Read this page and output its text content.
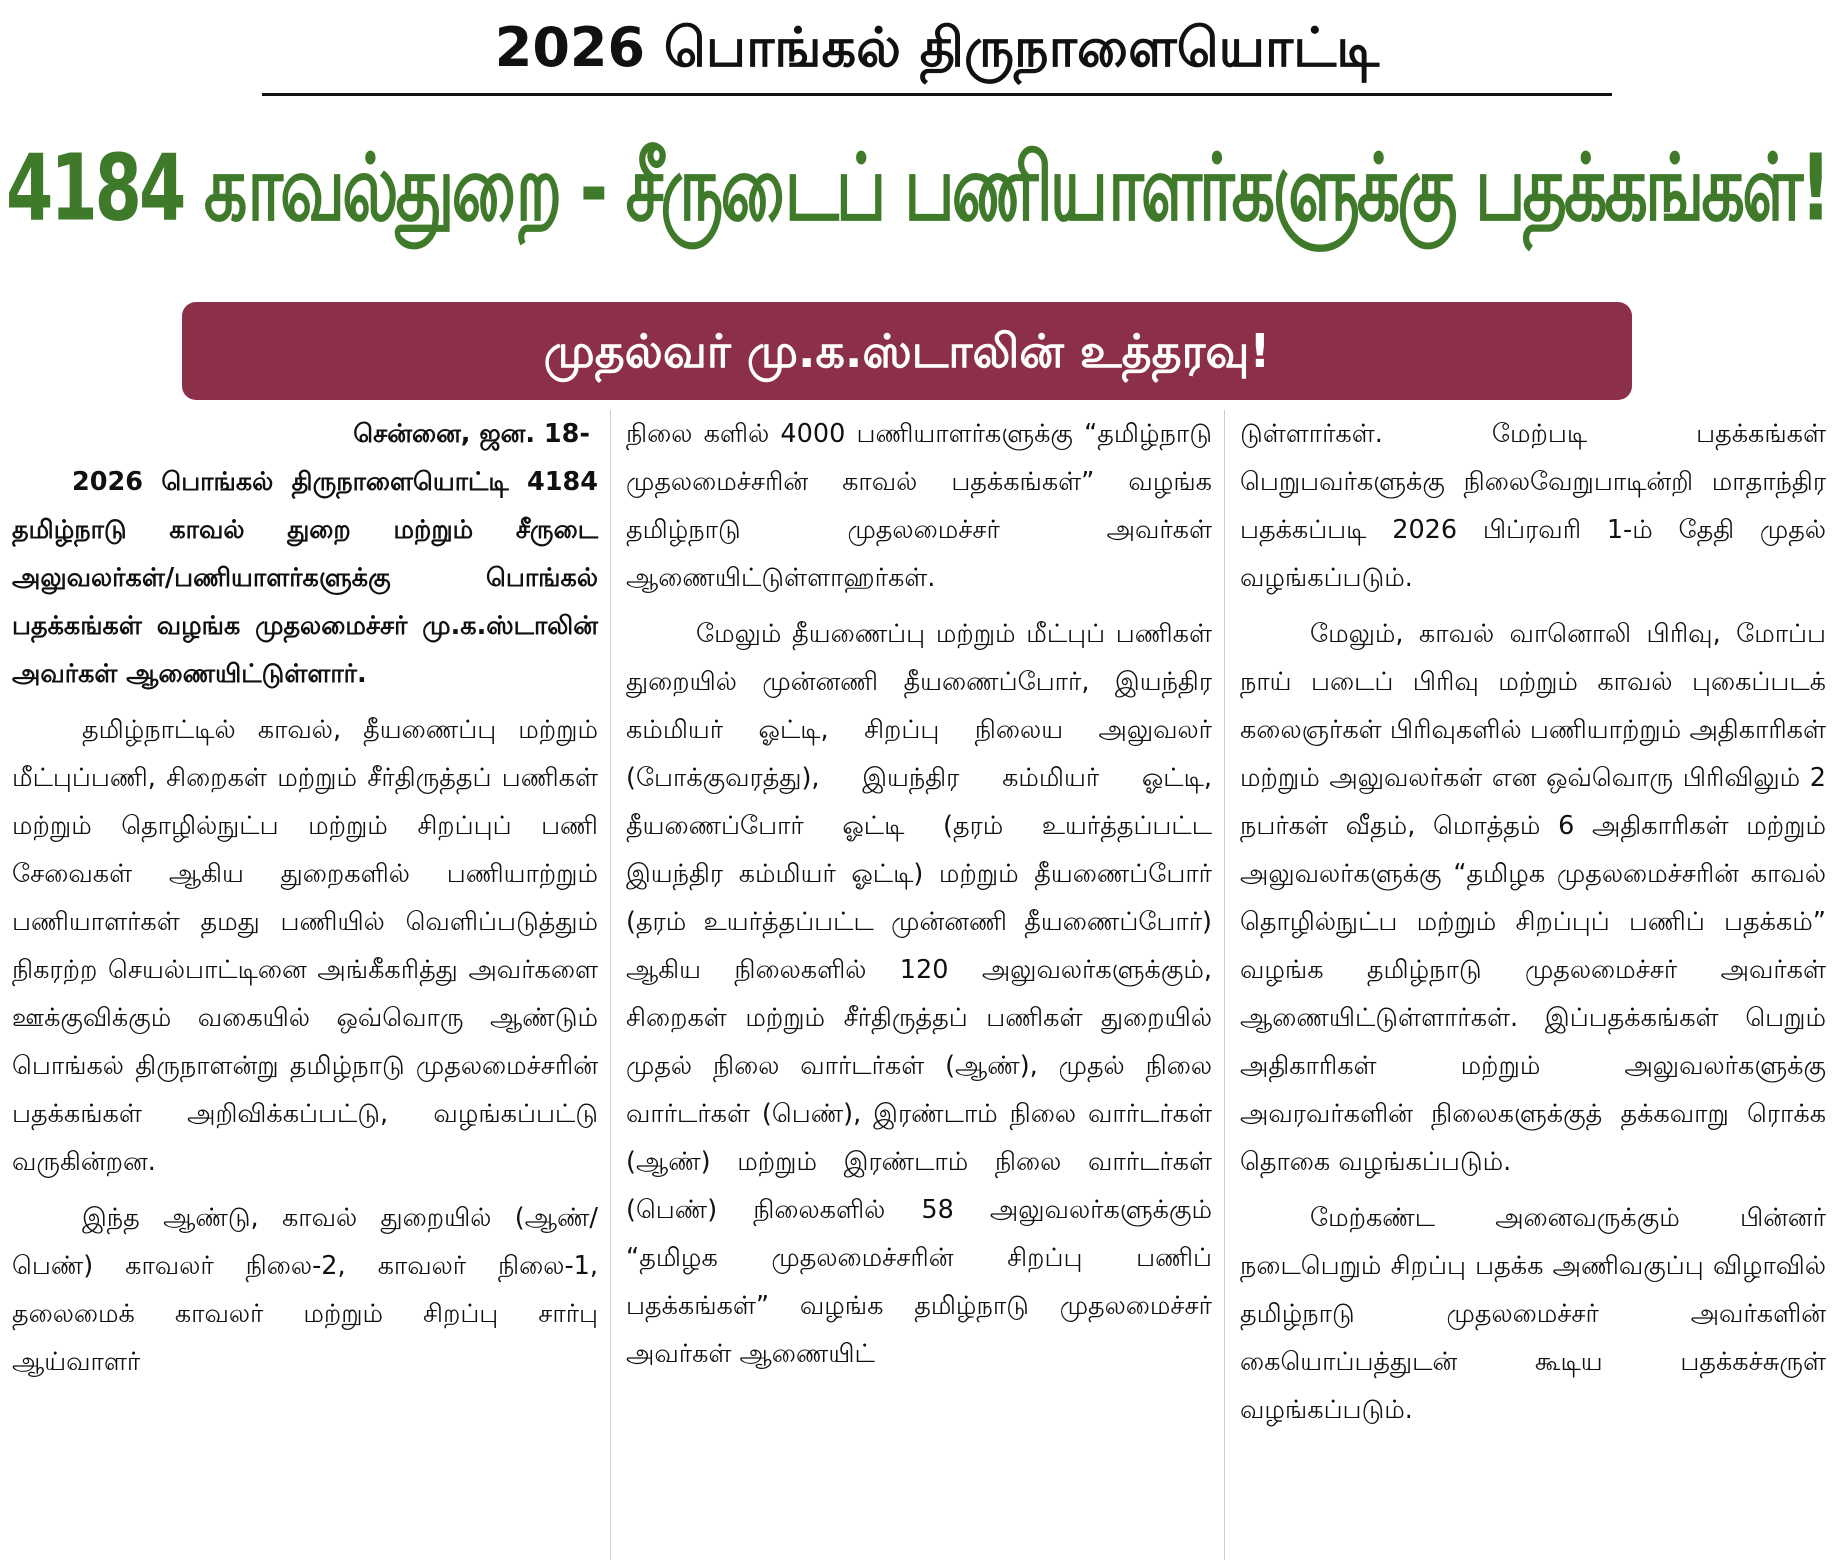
2026 பொங்கல் திருநாளையொட்டி
4184 காவல்துறை - சீருடைப் பணியாளர்களுக்கு பதக்கங்கள்!
முதல்வர் மு.க.ஸ்டாலின் உத்தரவு!

சென்னை, ஜன. 18-
2026 பொங்கல் திருநாளையொட்டி 4184 தமிழ்நாடு காவல் துறை மற்றும் சீருடை அலுவலர்கள்/பணியாளர்களுக்கு பொங்கல் பதக்கங்கள் வழங்க முதலமைச்சர் மு.க.ஸ்டாலின் அவர்கள் ஆணையிட்டுள்ளார்.

தமிழ்நாட்டில் காவல், தீயணைப்பு மற்றும் மீட்புப்பணி, சிறைகள் மற்றும் சீர்திருத்தப் பணிகள் மற்றும் தொழில்நுட்ப மற்றும் சிறப்புப் பணி சேவைகள் ஆகிய துறைகளில் பணியாற்றும் பணியாளர்கள் தமது பணியில் வெளிப்படுத்தும் நிகரற்ற செயல்பாட்டினை அங்கீகரித்து அவர்களை ஊக்குவிக்கும் வகையில் ஒவ்வொரு ஆண்டும் பொங்கல் திருநாளன்று தமிழ்நாடு முதலமைச்சரின் பதக்கங்கள் அறிவிக்கப்பட்டு, வழங்கப்பட்டு வருகின்றன.

இந்த ஆண்டு, காவல் துறையில் (ஆண்/பெண்) காவலர் நிலை-2, காவலர் நிலை-1, தலைமைக் காவலர் மற்றும் சிறப்பு சார்பு ஆய்வாளர்

நிலை களில் 4000 பணியாளர்களுக்கு “தமிழ்நாடு முதலமைச்சரின் காவல் பதக்கங்கள்” வழங்க தமிழ்நாடு முதலமைச்சர் அவர்கள் ஆணையிட்டுள்ளாஹர்கள்.

மேலும் தீயணைப்பு மற்றும் மீட்புப் பணிகள் துறையில் முன்னணி தீயணைப்போர், இயந்திர கம்மியர் ஓட்டி, சிறப்பு நிலைய அலுவலர் (போக்குவரத்து), இயந்திர கம்மியர் ஓட்டி, தீயணைப்போர் ஓட்டி (தரம் உயர்த்தப்பட்ட இயந்திர கம்மியர் ஓட்டி) மற்றும் தீயணைப்போர் (தரம் உயர்த்தப்பட்ட முன்னணி தீயணைப்போர்) ஆகிய நிலைகளில் 120 அலுவலர்களுக்கும், சிறைகள் மற்றும் சீர்திருத்தப் பணிகள் துறையில் முதல் நிலை வார்டர்கள் (ஆண்), முதல் நிலை வார்டர்கள் (பெண்), இரண்டாம் நிலை வார்டர்கள் (ஆண்) மற்றும் இரண்டாம் நிலை வார்டர்கள் (பெண்) நிலைகளில் 58 அலுவலர்களுக்கும் “தமிழக முதலமைச்சரின் சிறப்பு பணிப் பதக்கங்கள்” வழங்க தமிழ்நாடு முதலமைச்சர் அவர்கள் ஆணையிட்

டுள்ளார்கள். மேற்படி பதக்கங்கள் பெறுபவர்களுக்கு நிலைவேறுபாடின்றி மாதாந்திர பதக்கப்படி 2026 பிப்ரவரி 1-ம் தேதி முதல் வழங்கப்படும்.

மேலும், காவல் வானொலி பிரிவு, மோப்ப நாய் படைப் பிரிவு மற்றும் காவல் புகைப்படக் கலைஞர்கள் பிரிவுகளில் பணியாற்றும் அதிகாரிகள் மற்றும் அலுவலர்கள் என ஒவ்வொரு பிரிவிலும் 2 நபர்கள் வீதம், மொத்தம் 6 அதிகாரிகள் மற்றும் அலுவலர்களுக்கு “தமிழக முதலமைச்சரின் காவல் தொழில்நுட்ப மற்றும் சிறப்புப் பணிப் பதக்கம்” வழங்க தமிழ்நாடு முதலமைச்சர் அவர்கள் ஆணையிட்டுள்ளார்கள். இப்பதக்கங்கள் பெறும் அதிகாரிகள் மற்றும் அலுவலர்களுக்கு அவரவர்களின் நிலைகளுக்குத் தக்கவாறு ரொக்க தொகை வழங்கப்படும்.

மேற்கண்ட அனைவருக்கும் பின்னர் நடைபெறும் சிறப்பு பதக்க அணிவகுப்பு விழாவில் தமிழ்நாடு முதலமைச்சர் அவர்களின் கையொப்பத்துடன் கூடிய பதக்கச்சுருள் வழங்கப்படும்.
